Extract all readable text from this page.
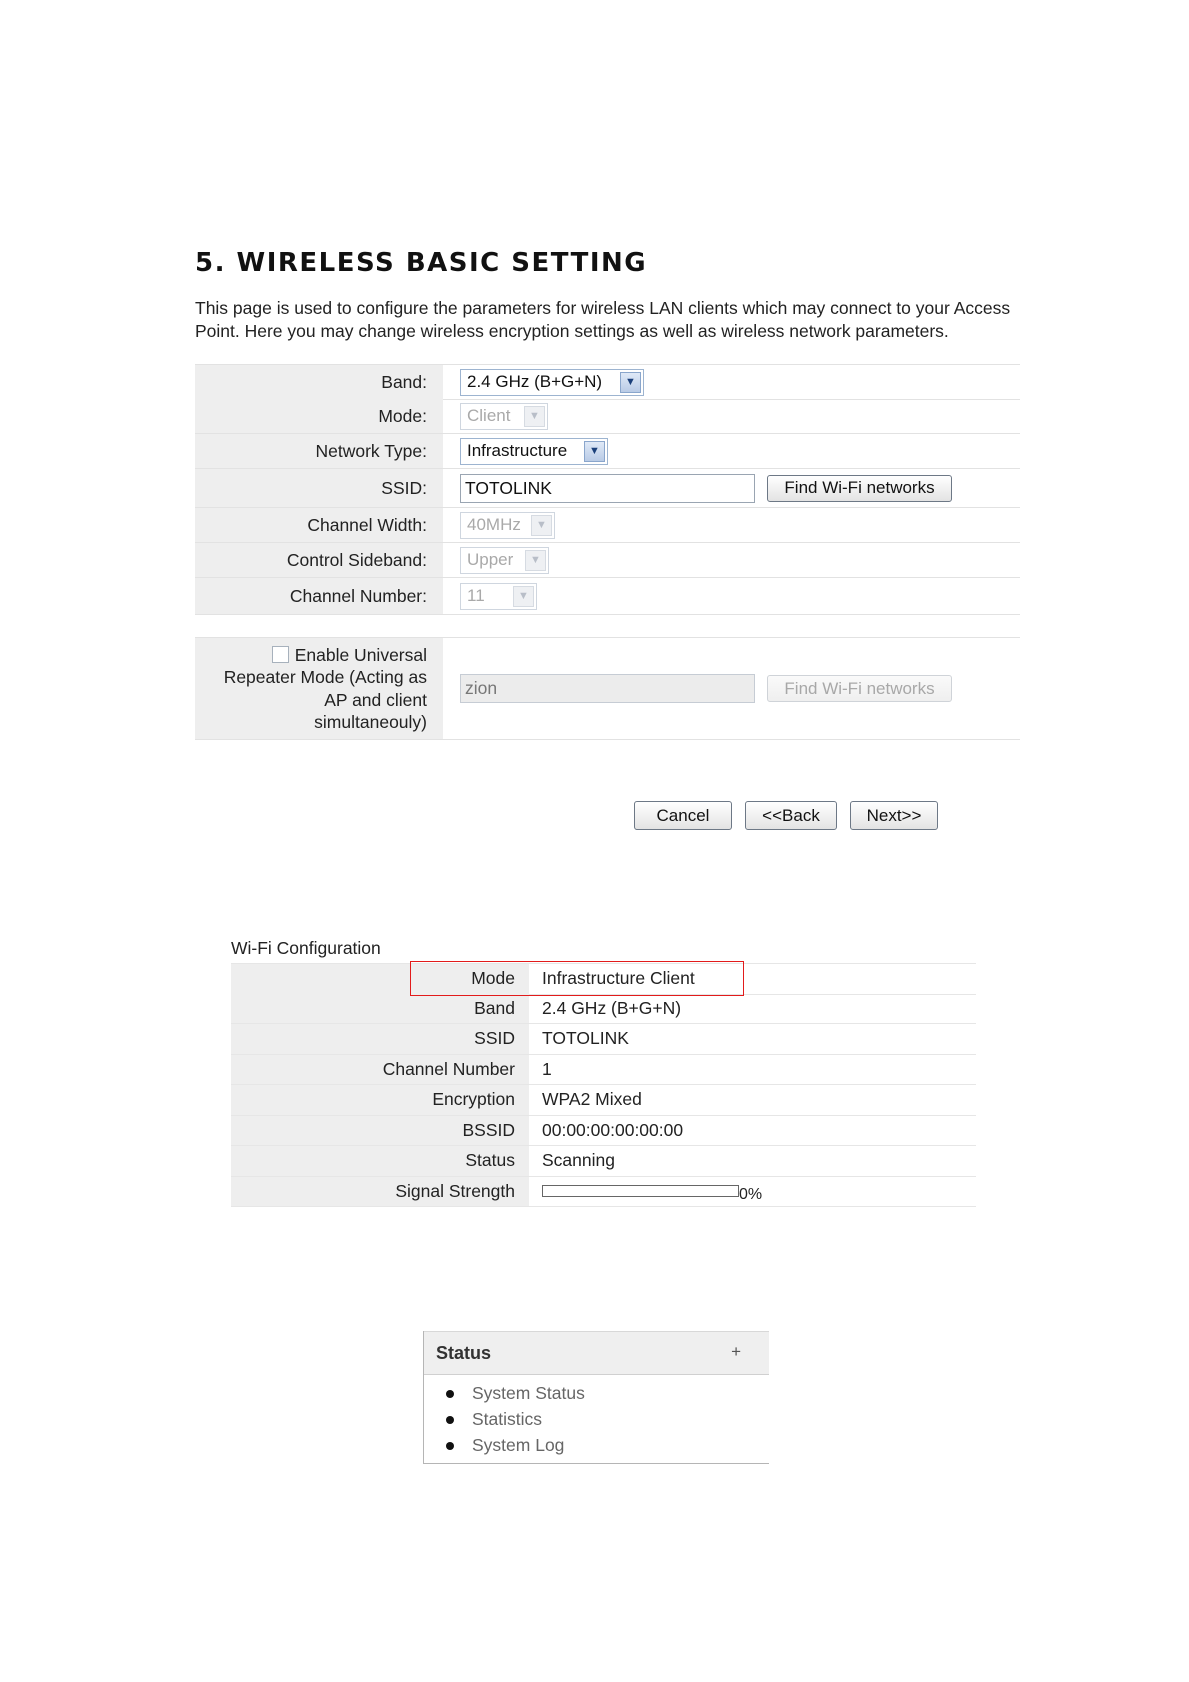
5. WIRELESS BASIC SETTING
This page is used to configure the parameters for wireless LAN clients which may connect to your Access Point. Here you may change wireless encryption settings as well as wireless network parameters.
Band:	2.4 GHz (B+G+N)	▼
Mode:	Client	▼
Network Type:	Infrastructure	▼
SSID:	TOTOLINK	Find Wi-Fi networks
Channel Width:	40MHz	▼
Control Sideband:	Upper	▼
Channel Number:	11	▼
Enable Universal
Repeater Mode (Acting as
AP and client
simultaneouly)
zion	Find Wi-Fi networks
Cancel	<<Back	Next>>
Wi-Fi Configuration
Mode	Infrastructure Client
Band	2.4 GHz (B+G+N)
SSID	TOTOLINK
Channel Number	1
Encryption	WPA2 Mixed
BSSID	00:00:00:00:00:00
Status	Scanning
Signal Strength	0%
Status	+
System Status
Statistics
System Log
